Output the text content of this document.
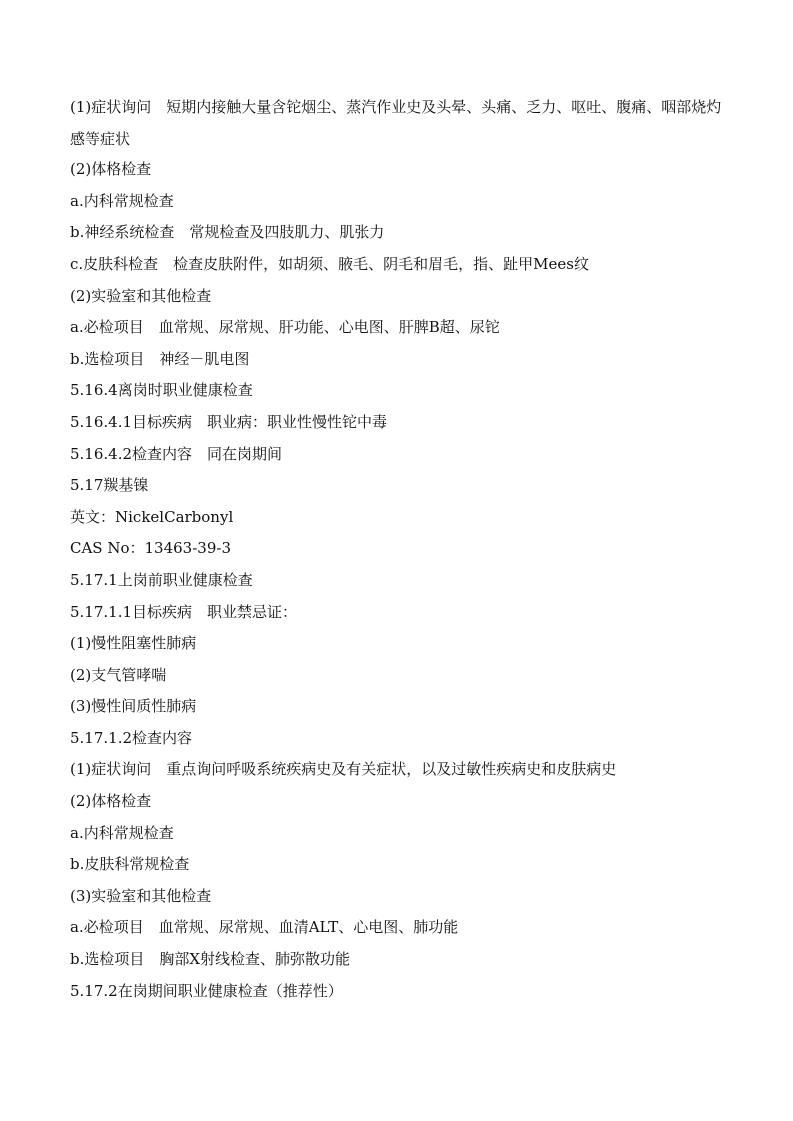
(1)症状询问　短期内接触大量含铊烟尘、蒸汽作业史及头晕、头痛、乏力、呕吐、腹痛、咽部烧灼感等症状
(2)体格检查
a.内科常规检查
b.神经系统检查　常规检查及四肢肌力、肌张力
c.皮肤科检查　检查皮肤附件，如胡须、腋毛、阴毛和眉毛，指、趾甲Mees纹
(2)实验室和其他检查
a.必检项目　血常规、尿常规、肝功能、心电图、肝脾B超、尿铊
b.选检项目　神经－肌电图
5.16.4离岗时职业健康检查
5.16.4.1目标疾病　职业病：职业性慢性铊中毒
5.16.4.2检查内容　同在岗期间
5.17羰基镍
英文：NickelCarbonyl
CAS No：13463-39-3
5.17.1上岗前职业健康检查
5.17.1.1目标疾病　职业禁忌证：
(1)慢性阻塞性肺病
(2)支气管哮喘
(3)慢性间质性肺病
5.17.1.2检查内容
(1)症状询问　重点询问呼吸系统疾病史及有关症状，以及过敏性疾病史和皮肤病史
(2)体格检查
a.内科常规检查
b.皮肤科常规检查
(3)实验室和其他检查
a.必检项目　血常规、尿常规、血清ALT、心电图、肺功能
b.选检项目　胸部X射线检查、肺弥散功能
5.17.2在岗期间职业健康检查（推荐性）
